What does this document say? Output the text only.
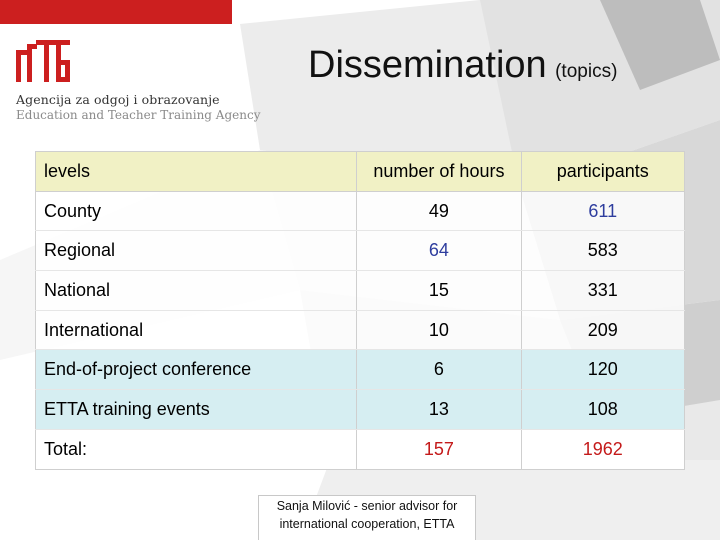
Agencija za odgoj i obrazovanje
Education and Teacher Training Agency
Dissemination (topics)
levels	number of hours	participants
County	49	611
Regional	64	583
National	15	331
International	10	209
End-of-project conference	6	120
ETTA training events	13	108
Total:	157	1962
Sanja Milović - senior advisor for
international cooperation, ETTA
